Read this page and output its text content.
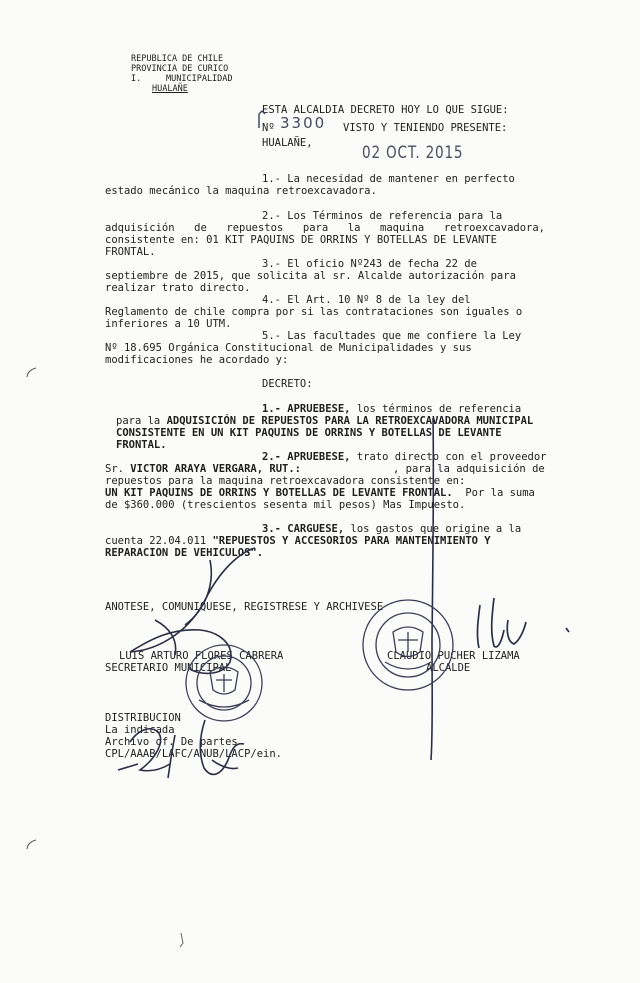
REPUBLICA DE CHILE
PROVINCIA DE CURICO
I.	MUNICIPALIDAD
HUALAÑE
ESTA ALCALDIA DECRETO HOY LO QUE SIGUE:
Nº 3300 VISTO Y TENIENDO PRESENTE:
HUALAÑE,	02 OCT. 2015
1.- La necesidad de mantener en perfecto
estado mecánico la maquina retroexcavadora.
2.- Los Términos de referencia para la
adquisición de repuestos para la maquina retroexcavadora,
consistente en: 01 KIT PAQUINS DE ORRINS Y BOTELLAS DE LEVANTE
FRONTAL.
3.- El oficio Nº243 de fecha 22 de
septiembre de 2015, que solicita al sr. Alcalde autorización para
realizar trato directo.
4.- El Art. 10 Nº 8 de la ley del
Reglamento de chile compra por si las contrataciones son iguales o
inferiores a 10 UTM.
5.- Las facultades que me confiere la Ley
Nº 18.695 Orgánica Constitucional de Municipalidades y sus
modificaciones he acordado y:
DECRETO:
1.- APRUEBESE, los términos de referencia
para la ADQUISICIÓN DE REPUESTOS PARA LA RETROEXCAVADORA MUNICIPAL
CONSISTENTE EN UN KIT PAQUINS DE ORRINS Y BOTELLAS DE LEVANTE
FRONTAL.
2.- APRUEBESE, trato directo con el proveedor
Sr. VICTOR ARAYA VERGARA, RUT.:	, para la adquisición de
repuestos para la maquina retroexcavadora consistente en:
UN KIT PAQUINS DE ORRINS Y BOTELLAS DE LEVANTE FRONTAL. Por la suma
de $360.000 (trescientos sesenta mil pesos) Mas Impuesto.
3.- CARGUESE, los gastos que origine a la
cuenta 22.04.011 "REPUESTOS Y ACCESORIOS PARA MANTENIMIENTO Y
REPARACION DE VEHICULOS".
ANOTESE, COMUNIQUESE, REGISTRESE Y ARCHIVESE
LUIS ARTURO FLORES CABRERA
SECRETARIO MUNICIPAL
CLAUDIO PUCHER LIZAMA
ALCALDE
DISTRIBUCION
La indicada
Archivo of. De partes
CPL/AAAB/LAFC/ANUB/LACP/ein.
